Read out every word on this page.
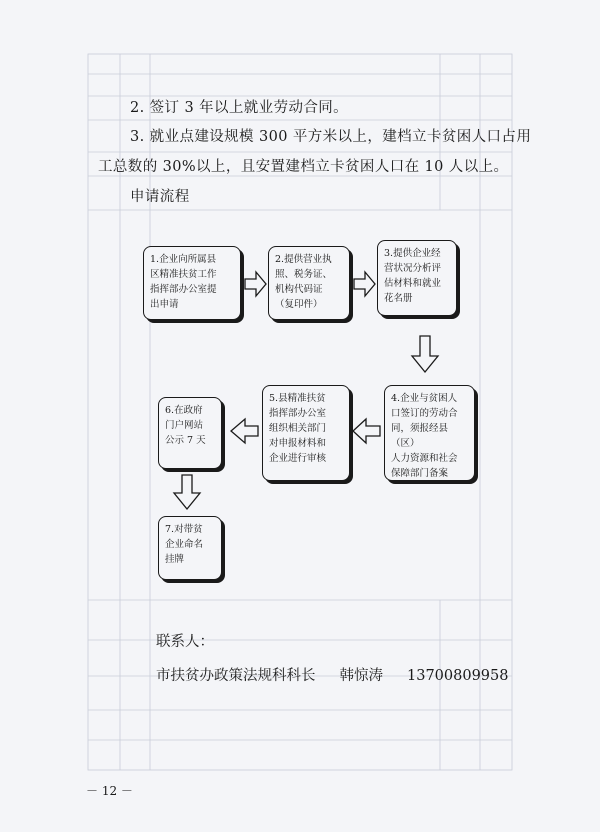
2. 签订 3 年以上就业劳动合同。
3. 就业点建设规模 300 平方米以上，建档立卡贫困人口占用
工总数的 30%以上，且安置建档立卡贫困人口在 10 人以上。
申请流程
1.企业向所属县
区精准扶贫工作
指挥部办公室提
出申请
2.提供营业执
照、税务证、
机构代码证
（复印件）
3.提供企业经
营状况分析评
估材料和就业
花名册
4.企业与贫困人
口签订的劳动合
同，须报经县（区）
人力资源和社会
保障部门备案
5.县精准扶贫
指挥部办公室
组织相关部门
对申报材料和
企业进行审核
6.在政府
门户网站
公示 7 天
7.对带贫
企业命名
挂牌
联系人：
市扶贫办政策法规科科长 韩惊涛 13700809958
－ 12 －
